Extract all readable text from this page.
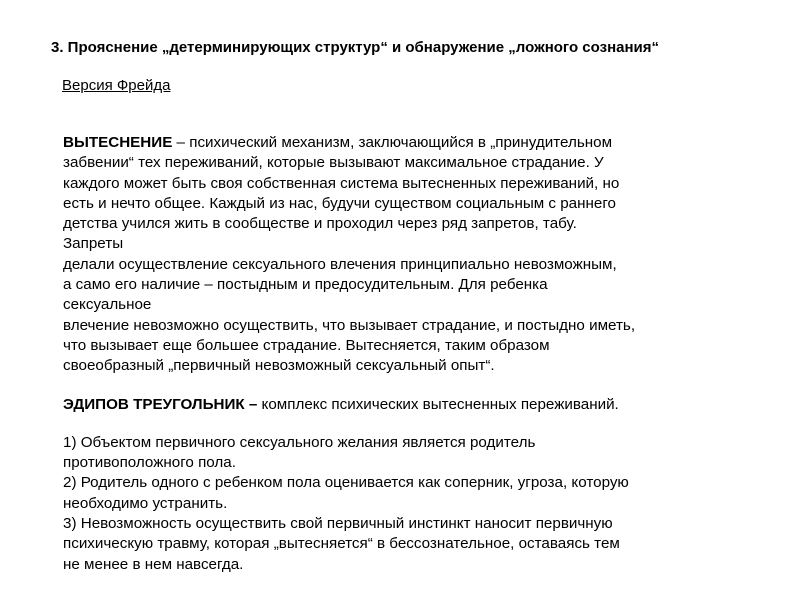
3. Прояснение „детерминирующих структур“ и обнаружение „ложного сознания“
Версия Фрейда
ВЫТЕСНЕНИЕ – психический механизм, заключающийся в „принудительном
забвении“ тех переживаний, которые вызывают максимальное страдание. У
каждого может быть своя собственная система вытесненных переживаний, но
есть и нечто общее. Каждый из нас, будучи существом социальным с раннего
детства учился жить в сообществе и проходил через ряд запретов, табу.
Запреты
делали осуществление сексуального влечения принципиально невозможным,
а само его наличие – постыдным и предосудительным. Для ребенка
сексуальное
влечение невозможно осуществить, что вызывает страдание, и постыдно иметь,
что вызывает еще большее страдание. Вытесняется, таким образом
своеобразный „первичный невозможный сексуальный опыт“.
ЭДИПОВ ТРЕУГОЛЬНИК – комплекс психических вытесненных переживаний.
1) Объектом первичного сексуального желания является родитель
противоположного пола.
2) Родитель одного с ребенком пола оценивается как соперник, угроза, которую
необходимо устранить.
3) Невозможность осуществить свой первичный инстинкт наносит первичную
психическую травму, которая „вытесняется“ в бессознательное, оставаясь тем
не менее в нем навсегда.
